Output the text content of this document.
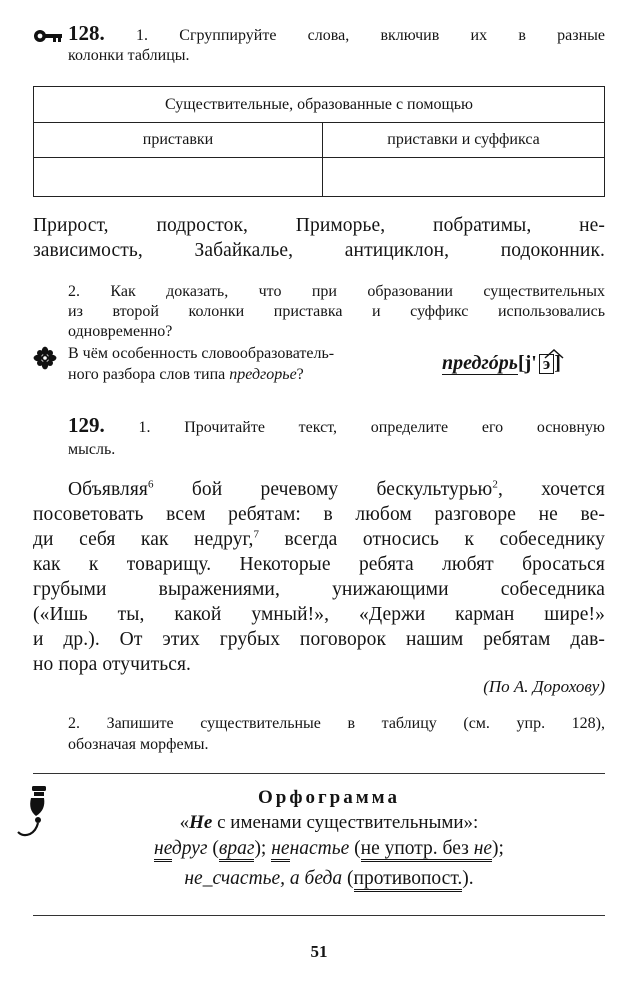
128. 1. Сгруппируйте слова, включив их в разные
колонки таблицы.
Существительные, образованные с помощью	
приставки	приставки и суффикса

Прирост, подросток, Приморье, побратимы, не-
зависимость, Забайкалье, антициклон, подоконник.
2. Как доказать, что при образовании существительных
из второй колонки приставка и суффикс использовались
одновременно?
В чём особенность словообразователь-
ного разбора слов типа предгорье?
предгóрь[j' э ]
129. 1. Прочитайте текст, определите его основную
мысль.
Объявляя$^6$ бой речевому бескультурью$^2$, хочется
посоветовать всем ребятам: в любом разговоре не ве-
ди себя как недруг,$^7$ всегда относись к собеседнику
как к товарищу. Некоторые ребята любят бросаться
грубыми выражениями, унижающими собеседника
(«Ишь ты, какой умный!», «Держи карман шире!»
и др.). От этих грубых поговорок нашим ребятам дав-
но пора отучиться.
(По А. Дорохову)
2. Запишите существительные в таблицу (см. упр. 128),
обозначая морфемы.
Орфограмма
«Не с именами существительными»:
недруг (враг); ненастье (не употр. без не);
не_счастье, а беда (противопост.).
51
